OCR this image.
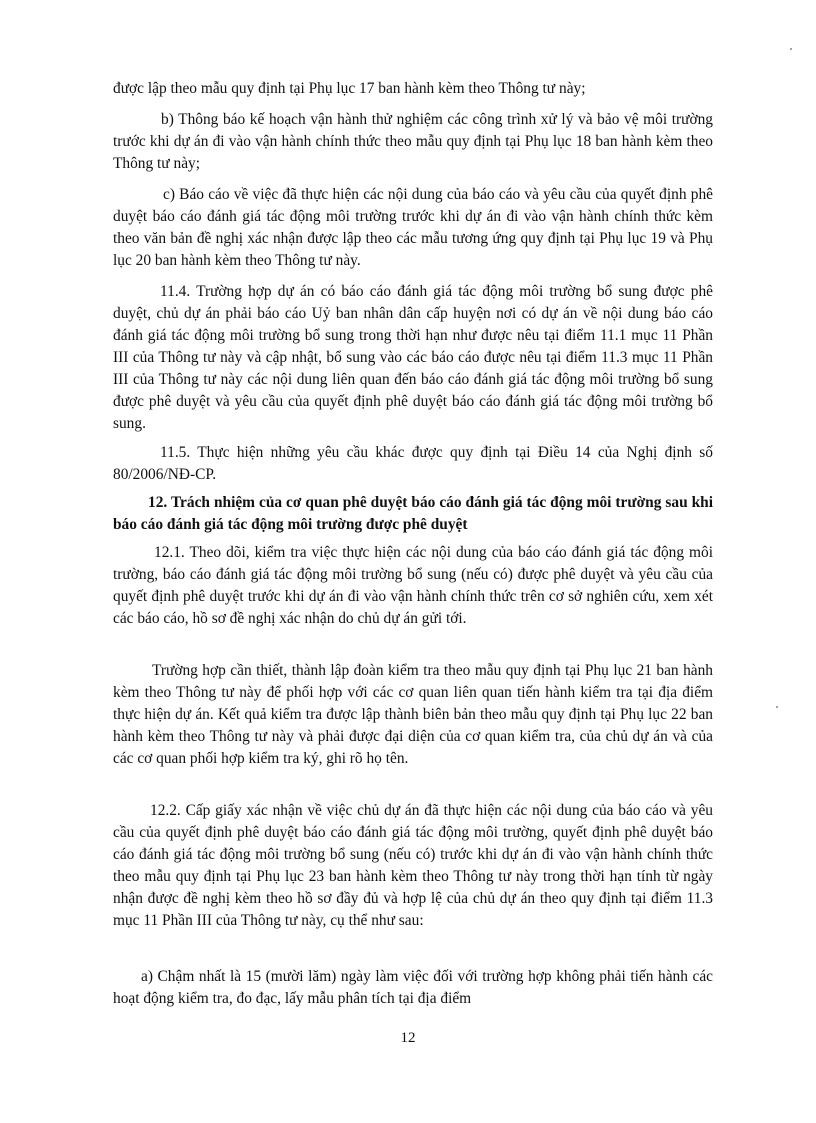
được lập theo mẫu quy định tại Phụ lục 17 ban hành kèm theo Thông tư này;

b) Thông báo kế hoạch vận hành thử nghiệm các công trình xử lý và bảo vệ môi trường trước khi dự án đi vào vận hành chính thức theo mẫu quy định tại Phụ lục 18 ban hành kèm theo Thông tư này;

c) Báo cáo về việc đã thực hiện các nội dung của báo cáo và yêu cầu của quyết định phê duyệt báo cáo đánh giá tác động môi trường trước khi dự án đi vào vận hành chính thức kèm theo văn bản đề nghị xác nhận được lập theo các mẫu tương ứng quy định tại Phụ lục 19 và Phụ lục 20 ban hành kèm theo Thông tư này.

11.4. Trường hợp dự án có báo cáo đánh giá tác động môi trường bổ sung được phê duyệt, chủ dự án phải báo cáo Uỷ ban nhân dân cấp huyện nơi có dự án về nội dung báo cáo đánh giá tác động môi trường bổ sung trong thời hạn như được nêu tại điểm 11.1 mục 11 Phần III của Thông tư này và cập nhật, bổ sung vào các báo cáo được nêu tại điểm 11.3 mục 11 Phần III của Thông tư này các nội dung liên quan đến báo cáo đánh giá tác động môi trường bổ sung được phê duyệt và yêu cầu của quyết định phê duyệt báo cáo đánh giá tác động môi trường bổ sung.

11.5. Thực hiện những yêu cầu khác được quy định tại Điều 14 của Nghị định số 80/2006/NĐ-CP.

12. Trách nhiệm của cơ quan phê duyệt báo cáo đánh giá tác động môi trường sau khi báo cáo đánh giá tác động môi trường được phê duyệt

12.1. Theo dõi, kiểm tra việc thực hiện các nội dung của báo cáo đánh giá tác động môi trường, báo cáo đánh giá tác động môi trường bổ sung (nếu có) được phê duyệt và yêu cầu của quyết định phê duyệt trước khi dự án đi vào vận hành chính thức trên cơ sở nghiên cứu, xem xét các báo cáo, hồ sơ đề nghị xác nhận do chủ dự án gửi tới.

Trường hợp cần thiết, thành lập đoàn kiểm tra theo mẫu quy định tại Phụ lục 21 ban hành kèm theo Thông tư này để phối hợp với các cơ quan liên quan tiến hành kiểm tra tại địa điểm thực hiện dự án. Kết quả kiểm tra được lập thành biên bản theo mẫu quy định tại Phụ lục 22 ban hành kèm theo Thông tư này và phải được đại diện của cơ quan kiểm tra, của chủ dự án và của các cơ quan phối hợp kiểm tra ký, ghi rõ họ tên.

12.2. Cấp giấy xác nhận về việc chủ dự án đã thực hiện các nội dung của báo cáo và yêu cầu của quyết định phê duyệt báo cáo đánh giá tác động môi trường, quyết định phê duyệt báo cáo đánh giá tác động môi trường bổ sung (nếu có) trước khi dự án đi vào vận hành chính thức theo mẫu quy định tại Phụ lục 23 ban hành kèm theo Thông tư này trong thời hạn tính từ ngày nhận được đề nghị kèm theo hồ sơ đầy đủ và hợp lệ của chủ dự án theo quy định tại điểm 11.3 mục 11 Phần III của Thông tư này, cụ thể như sau:

a) Chậm nhất là 15 (mười lăm) ngày làm việc đối với trường hợp không phải tiến hành các hoạt động kiểm tra, đo đạc, lấy mẫu phân tích tại địa điểm

12
